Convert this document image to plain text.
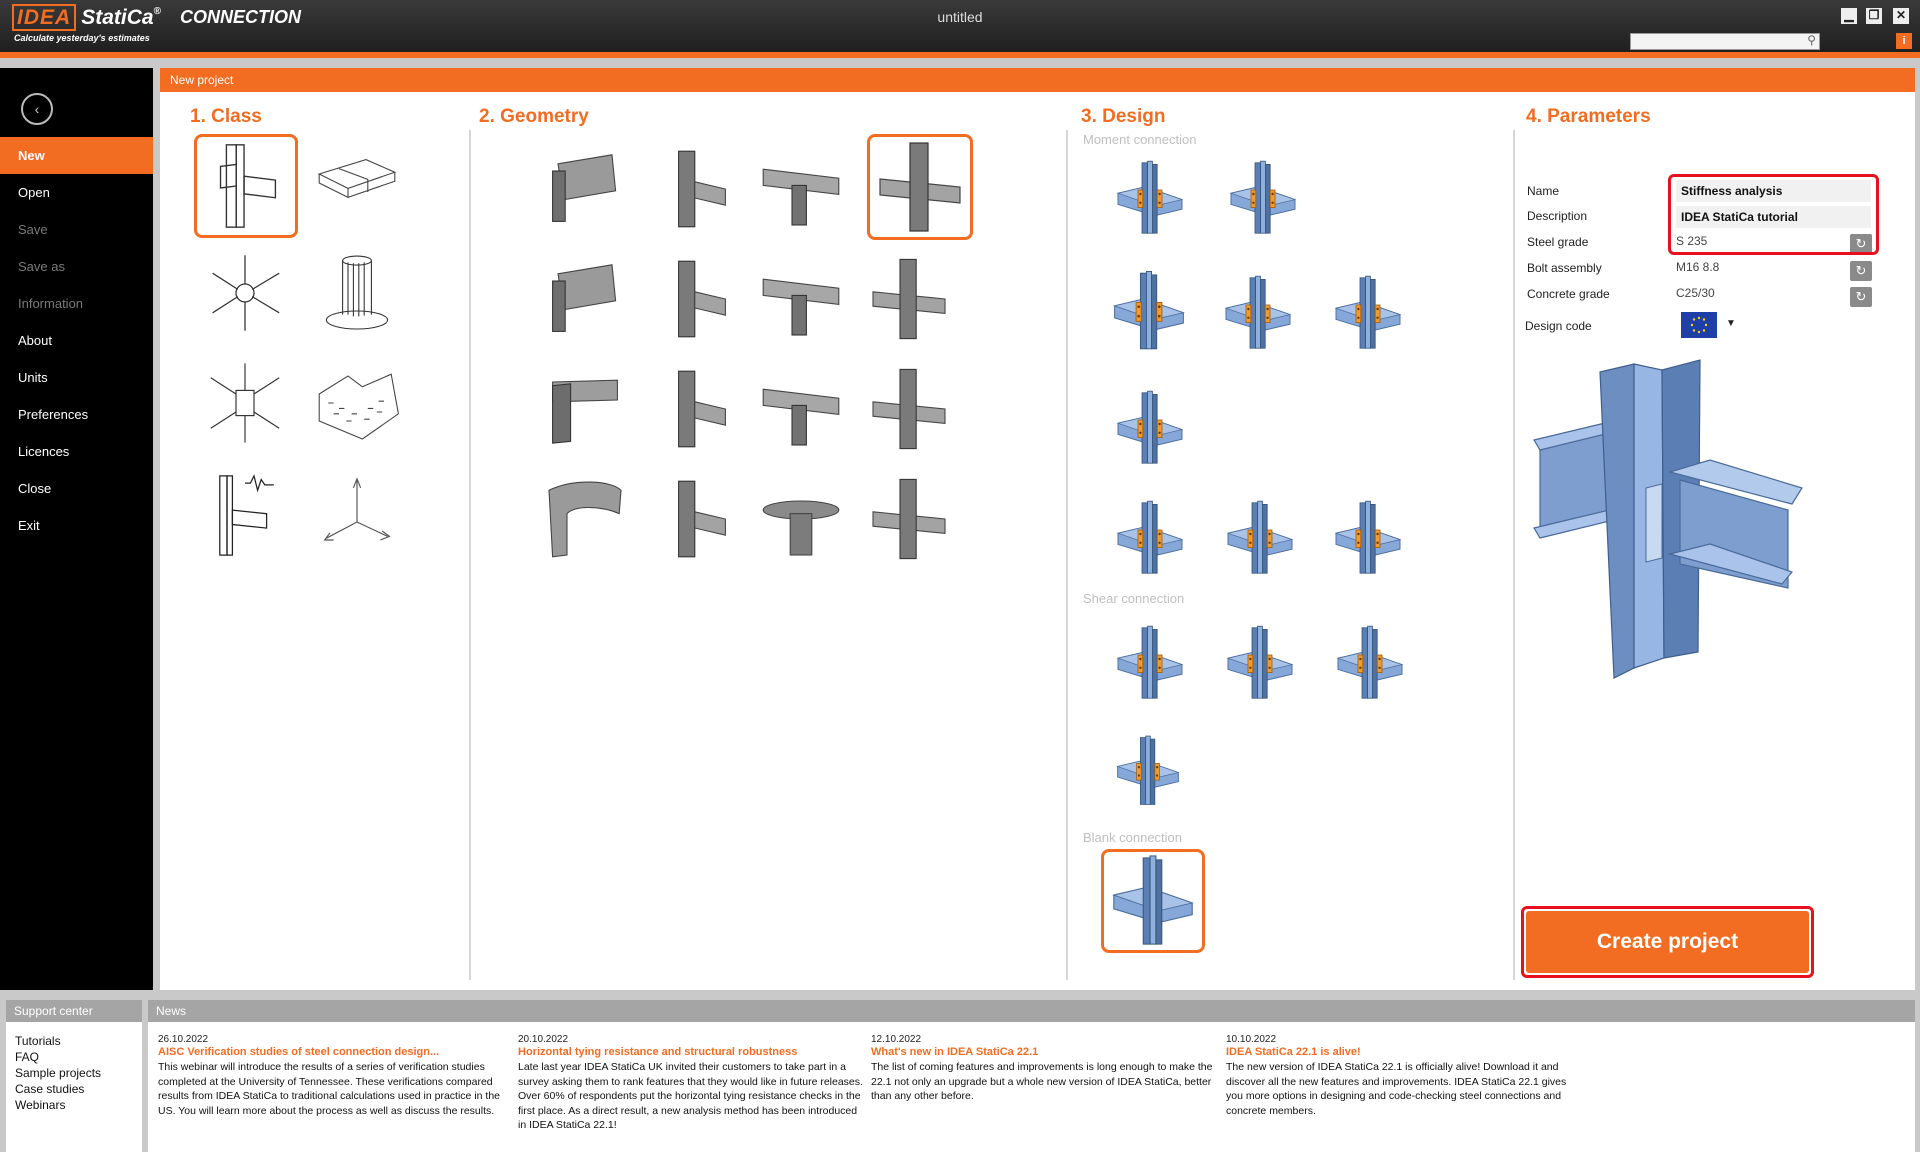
IDEA StatiCa® CONNECTION
Calculate yesterday's estimates
untitled
⚲
▁ ❐ ✕
i
‹
New
Open
Save
Save as
Information
About
Units
Preferences
Licences
Close
Exit
New project
1. Class	2. Geometry	3. Design	4. Parameters
Moment connection
Shear connection
Blank connection
Name	Stiffness analysis
Description	IDEA StatiCa tutorial
Steel grade	S 235	↻
Bolt assembly	M16 8.8	↻
Concrete grade	C25/30	↻
Design code	▼
Create project
Support center
Tutorials
FAQ
Sample projects
Case studies
Webinars
News
26.10.2022
AISC Verification studies of steel connection design...
This webinar will introduce the results of a series of verification studies completed at the University of Tennessee. These verifications compared results from IDEA StatiCa to traditional calculations used in practice in the US. You will learn more about the process as well as discuss the results.
20.10.2022
Horizontal tying resistance and structural robustness
Late last year IDEA StatiCa UK invited their customers to take part in a survey asking them to rank features that they would like in future releases. Over 60% of respondents put the horizontal tying resistance checks in the first place. As a direct result, a new analysis method has been introduced in IDEA StatiCa 22.1!
12.10.2022
What's new in IDEA StatiCa 22.1
The list of coming features and improvements is long enough to make the 22.1 not only an upgrade but a whole new version of IDEA StatiCa, better than any other before.
10.10.2022
IDEA StatiCa 22.1 is alive!
The new version of IDEA StatiCa 22.1 is officially alive! Download it and discover all the new features and improvements. IDEA StatiCa 22.1 gives you more options in designing and code-checking steel connections and concrete members.
